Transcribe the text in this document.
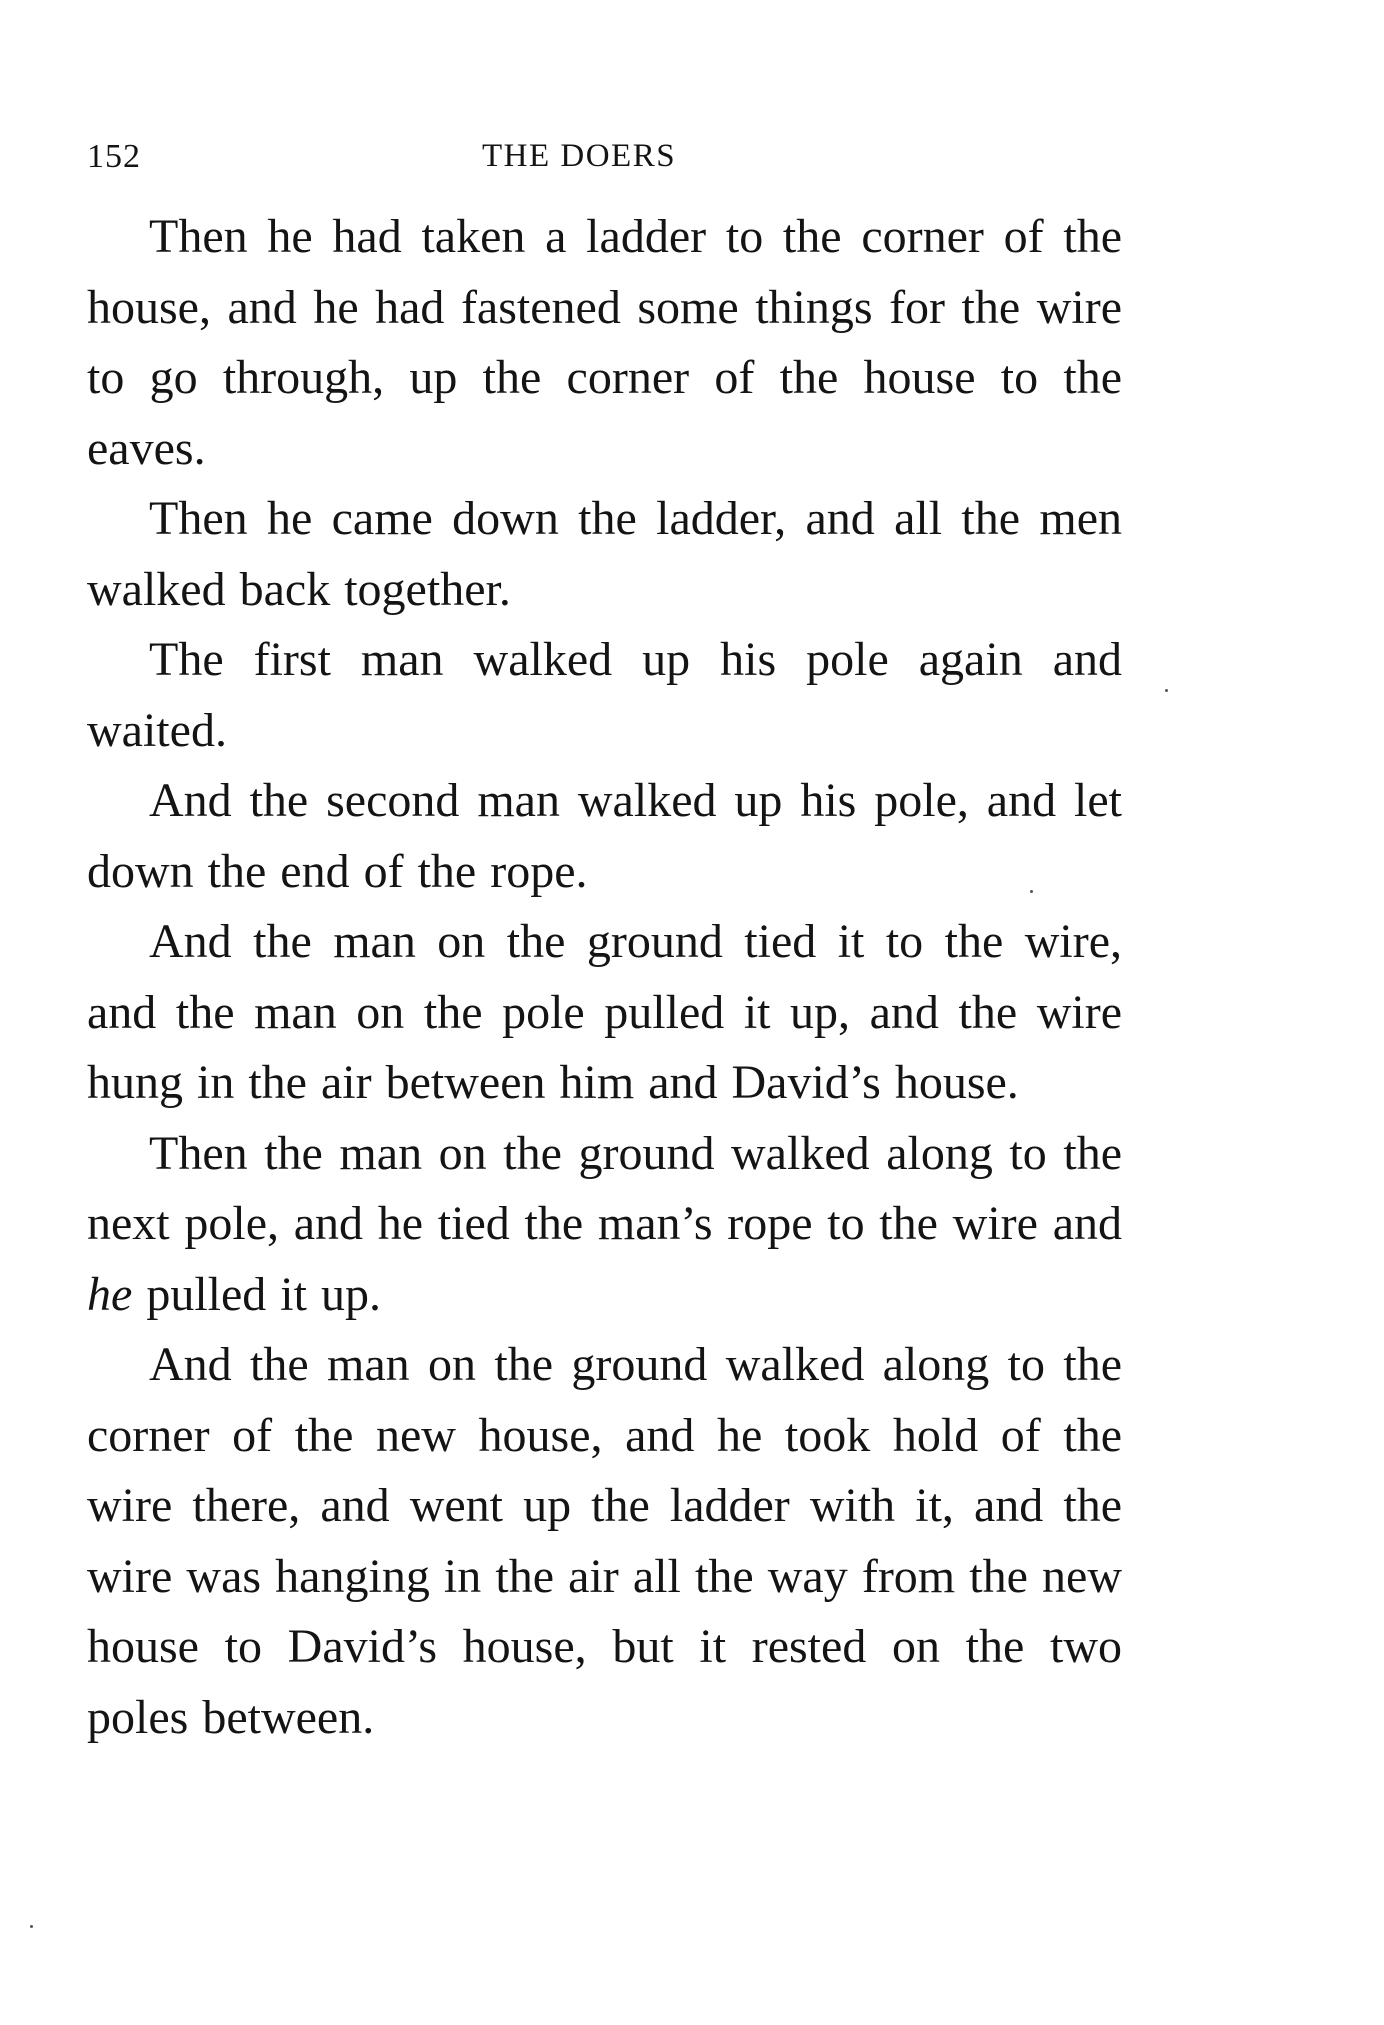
152	THE DOERS

Then he had taken a ladder to the corner of the house, and he had fastened some things for the wire to go through, up the corner of the house to the eaves.

Then he came down the ladder, and all the men walked back together.

The first man walked up his pole again and waited.

And the second man walked up his pole, and let down the end of the rope.

And the man on the ground tied it to the wire, and the man on the pole pulled it up, and the wire hung in the air between him and David’s house.

Then the man on the ground walked along to the next pole, and he tied the man’s rope to the wire and he pulled it up.

And the man on the ground walked along to the corner of the new house, and he took hold of the wire there, and went up the ladder with it, and the wire was hanging in the air all the way from the new house to David’s house, but it rested on the two poles between.
